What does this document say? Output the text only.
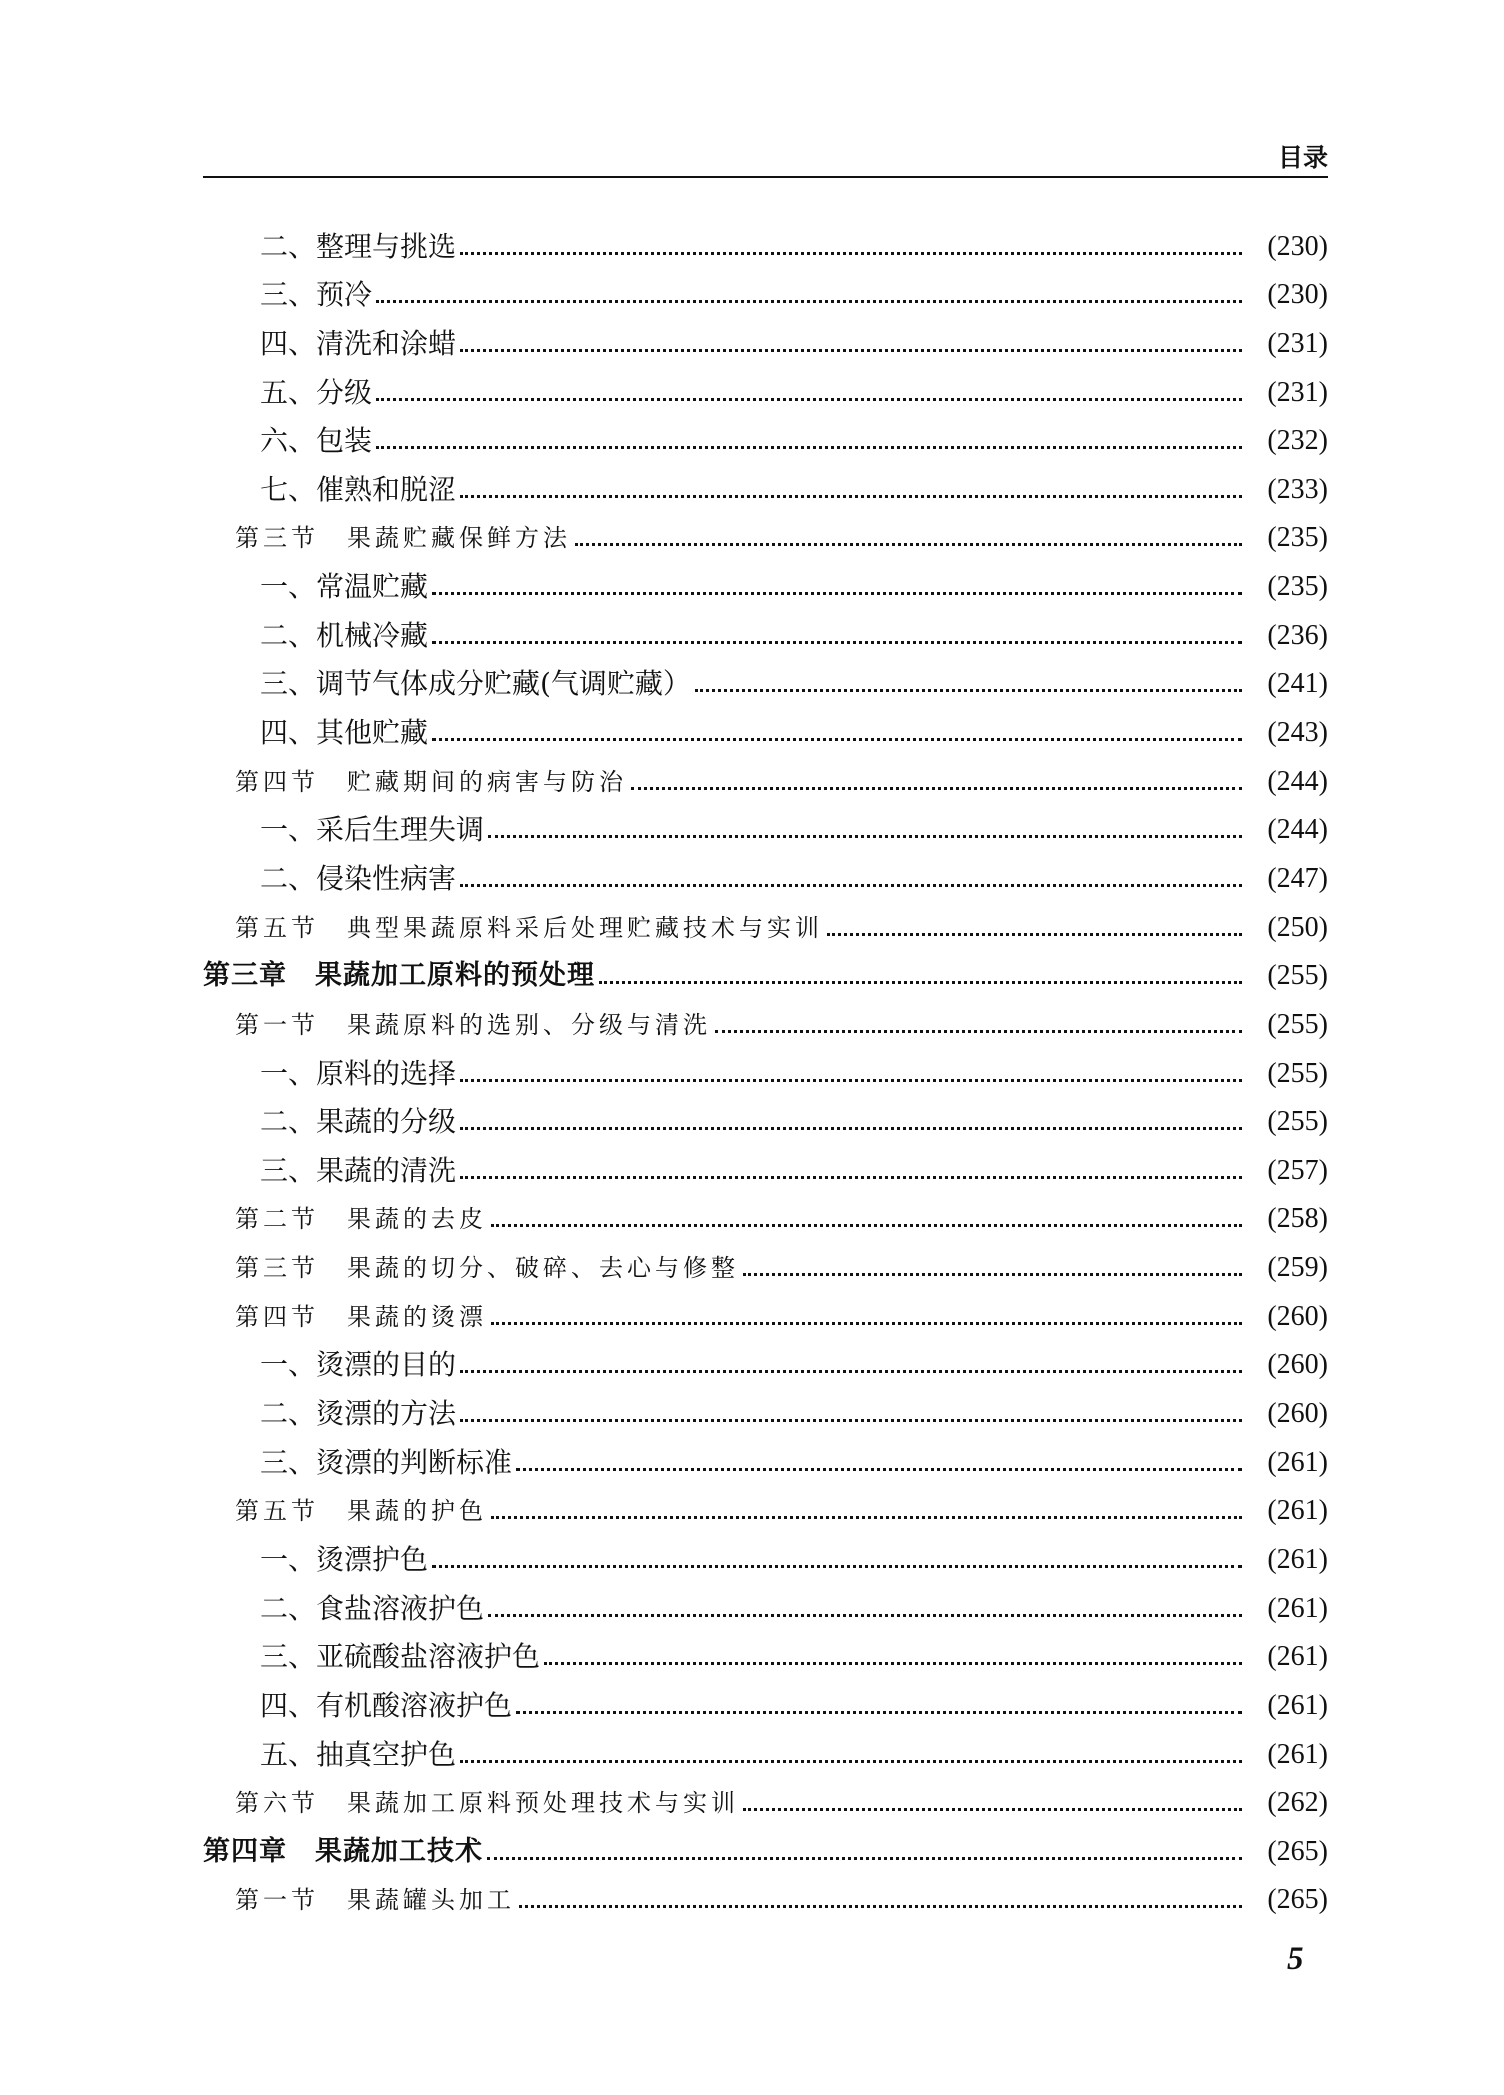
目录
二、整理与挑选	(230)
三、预冷	(230)
四、清洗和涂蜡	(231)
五、分级	(231)
六、包装	(232)
七、催熟和脱涩	(233)
第三节　果蔬贮藏保鲜方法	(235)
一、常温贮藏	(235)
二、机械冷藏	(236)
三、调节气体成分贮藏(气调贮藏）	(241)
四、其他贮藏	(243)
第四节　贮藏期间的病害与防治	(244)
一、采后生理失调	(244)
二、侵染性病害	(247)
第五节　典型果蔬原料采后处理贮藏技术与实训	(250)
第三章　果蔬加工原料的预处理	(255)
第一节　果蔬原料的选别、分级与清洗	(255)
一、原料的选择	(255)
二、果蔬的分级	(255)
三、果蔬的清洗	(257)
第二节　果蔬的去皮	(258)
第三节　果蔬的切分、破碎、去心与修整	(259)
第四节　果蔬的烫漂	(260)
一、烫漂的目的	(260)
二、烫漂的方法	(260)
三、烫漂的判断标准	(261)
第五节　果蔬的护色	(261)
一、烫漂护色	(261)
二、食盐溶液护色	(261)
三、亚硫酸盐溶液护色	(261)
四、有机酸溶液护色	(261)
五、抽真空护色	(261)
第六节　果蔬加工原料预处理技术与实训	(262)
第四章　果蔬加工技术	(265)
第一节　果蔬罐头加工	(265)
5
